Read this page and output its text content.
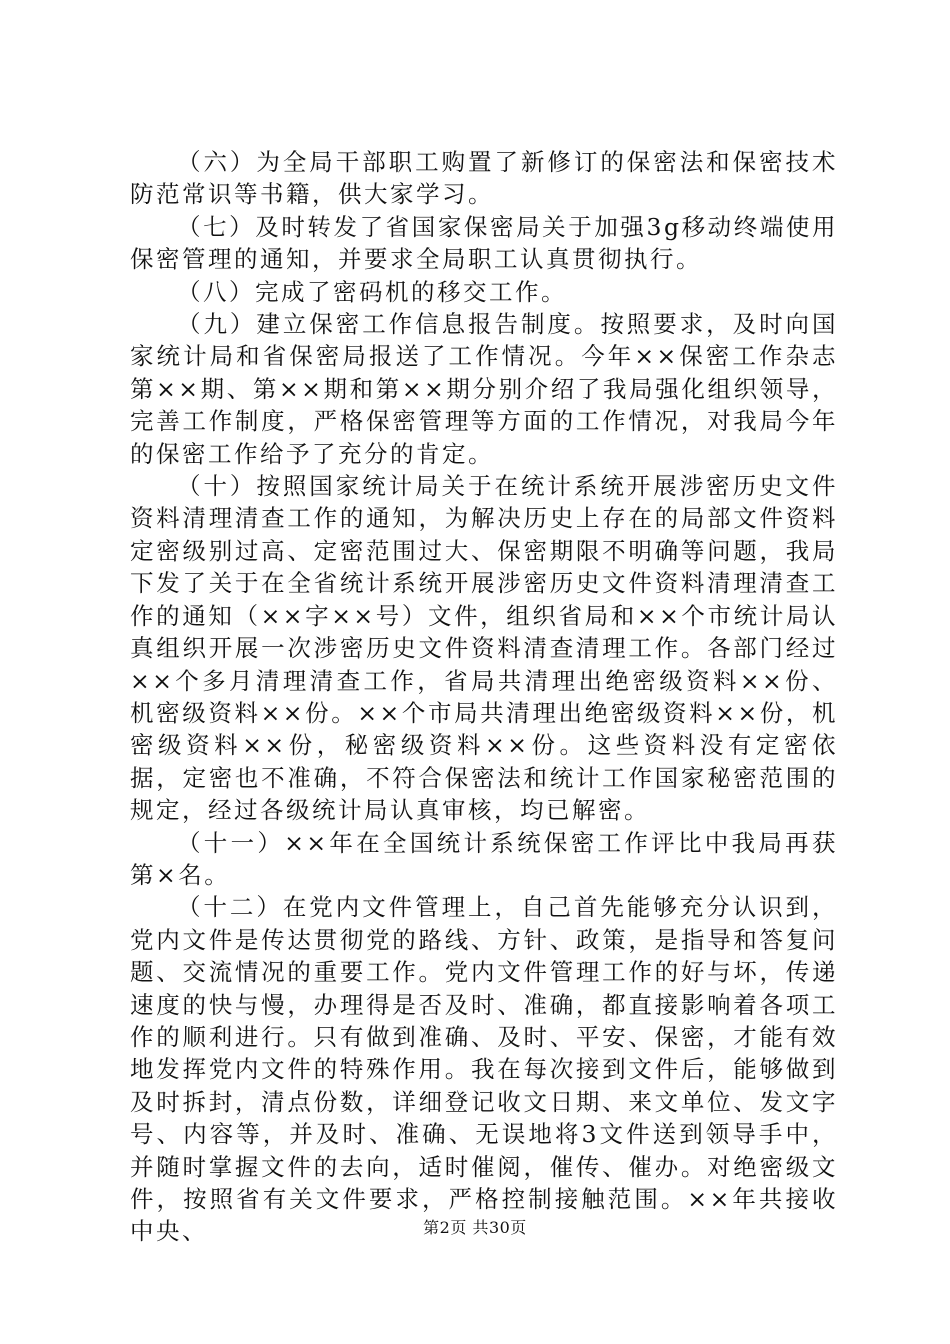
（六）为全局干部职工购置了新修订的保密法和保密技术防范常识等书籍，供大家学习。

（七）及时转发了省国家保密局关于加强3g移动终端使用保密管理的通知，并要求全局职工认真贯彻执行。

（八）完成了密码机的移交工作。

（九）建立保密工作信息报告制度。按照要求，及时向国家统计局和省保密局报送了工作情况。今年××保密工作杂志第××期、第××期和第××期分别介绍了我局强化组织领导，完善工作制度，严格保密管理等方面的工作情况，对我局今年的保密工作给予了充分的肯定。

（十）按照国家统计局关于在统计系统开展涉密历史文件资料清理清查工作的通知，为解决历史上存在的局部文件资料定密级别过高、定密范围过大、保密期限不明确等问题，我局下发了关于在全省统计系统开展涉密历史文件资料清理清查工作的通知（××字××号）文件，组织省局和××个市统计局认真组织开展一次涉密历史文件资料清查清理工作。各部门经过××个多月清理清查工作，省局共清理出绝密级资料××份、机密级资料××份。××个市局共清理出绝密级资料××份，机密级资料××份，秘密级资料××份。这些资料没有定密依据，定密也不准确，不符合保密法和统计工作国家秘密范围的规定，经过各级统计局认真审核，均已解密。

（十一）××年在全国统计系统保密工作评比中我局再获第×名。

（十二）在党内文件管理上，自己首先能够充分认识到，党内文件是传达贯彻党的路线、方针、政策，是指导和答复问题、交流情况的重要工作。党内文件管理工作的好与坏，传递速度的快与慢，办理得是否及时、准确，都直接影响着各项工作的顺利进行。只有做到准确、及时、平安、保密，才能有效地发挥党内文件的特殊作用。我在每次接到文件后，能够做到及时拆封，清点份数，详细登记收文日期、来文单位、发文字号、内容等，并及时、准确、无误地将3文件送到领导手中，并随时掌握文件的去向，适时催阅，催传、催办。对绝密级文件，按照省有关文件要求，严格控制接触范围。××年共接收中央、	第2页 共30页
